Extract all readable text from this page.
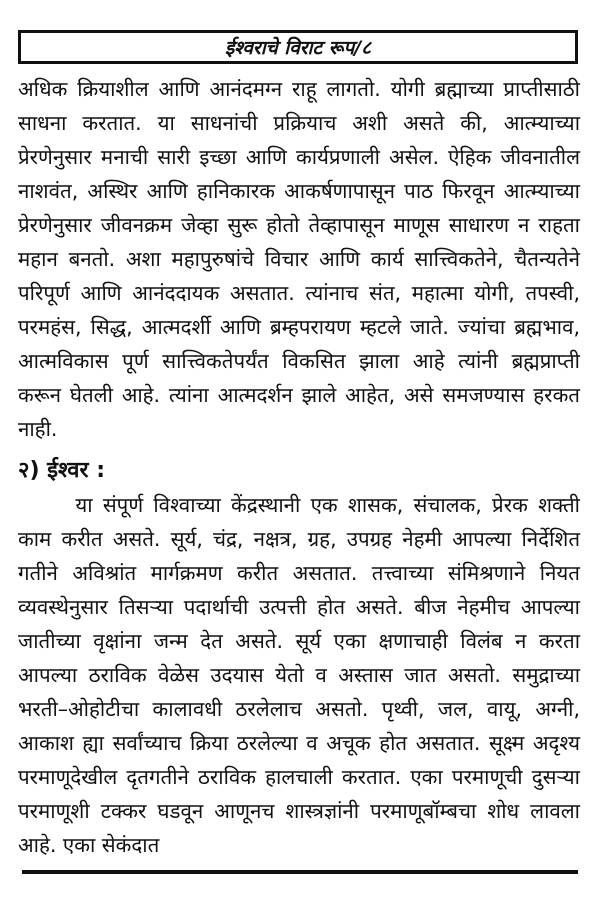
ईश्वराचे विराट रूप/८
अधिक क्रियाशील आणि आनंदमग्न राहू लागतो. योगी ब्रह्माच्या प्राप्तीसाठी साधना करतात. या साधनांची प्रक्रियाच अशी असते की, आत्म्याच्या प्रेरणेनुसार मनाची सारी इच्छा आणि कार्यप्रणाली असेल. ऐहिक जीवनातील नाशवंत, अस्थिर आणि हानिकारक आकर्षणापासून पाठ फिरवून आत्म्याच्या प्रेरणेनुसार जीवनक्रम जेव्हा सुरू होतो तेव्हापासून माणूस साधारण न राहता महान बनतो. अशा महापुरुषांचे विचार आणि कार्य सात्त्विकतेने, चैतन्यतेने परिपूर्ण आणि आनंददायक असतात. त्यांनाच संत, महात्मा योगी, तपस्वी, परमहंस, सिद्ध, आत्मदर्शी आणि ब्रम्हपरायण म्हटले जाते. ज्यांचा ब्रह्मभाव, आत्मविकास पूर्ण सात्त्विकतेपर्यंत विकसित झाला आहे त्यांनी ब्रह्मप्राप्ती करून घेतली आहे. त्यांना आत्मदर्शन झाले आहेत, असे समजण्यास हरकत नाही.
२) ईश्वर :
या संपूर्ण विश्वाच्या केंद्रस्थानी एक शासक, संचालक, प्रेरक शक्ती काम करीत असते. सूर्य, चंद्र, नक्षत्र, ग्रह, उपग्रह नेहमी आपल्या निर्देशित गतीने अविश्रांत मार्गक्रमण करीत असतात. तत्त्वाच्या संमिश्रणाने नियत व्यवस्थेनुसार तिसऱ्या पदार्थाची उत्पत्ती होत असते. बीज नेहमीच आपल्या जातीच्या वृक्षांना जन्म देत असते. सूर्य एका क्षणाचाही विलंब न करता आपल्या ठराविक वेळेस उदयास येतो व अस्तास जात असतो. समुद्राच्या भरती–ओहोटीचा कालावधी ठरलेलाच असतो. पृथ्वी, जल, वायू, अग्नी, आकाश ह्या सर्वांच्याच क्रिया ठरलेल्या व अचूक होत असतात. सूक्ष्म अदृश्य परमाणूदेखील दृतगतीने ठराविक हालचाली करतात. एका परमाणूची दुसऱ्या परमाणूशी टक्कर घडवून आणूनच शास्त्रज्ञांनी परमाणूबॉम्बचा शोध लावला आहे. एका सेकंदात
